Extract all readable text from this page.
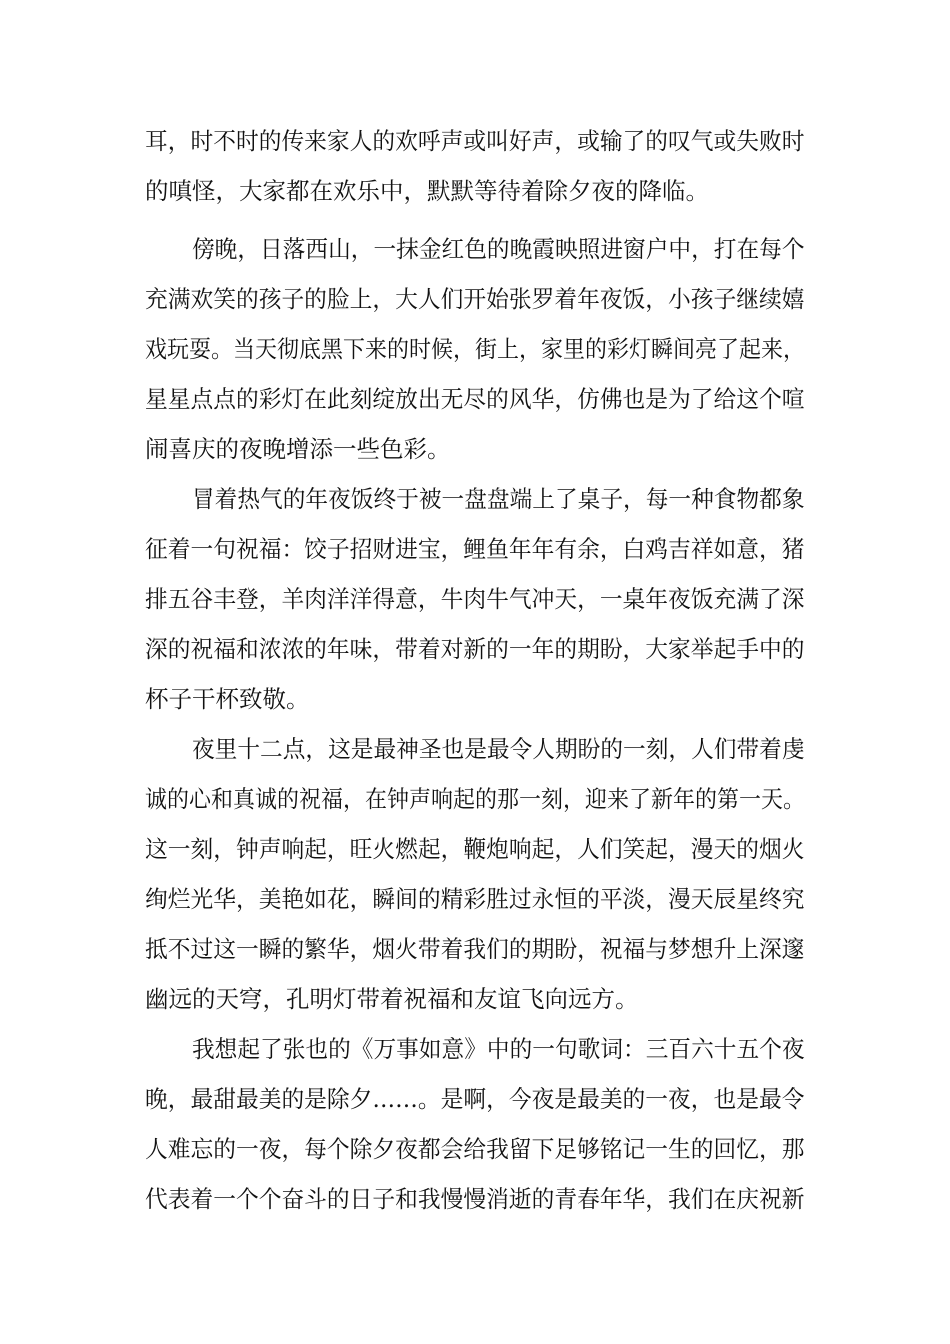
耳，时不时的传来家人的欢呼声或叫好声，或输了的叹气或失败时
的嗔怪，大家都在欢乐中，默默等待着除夕夜的降临。
傍晚，日落西山，一抹金红色的晚霞映照进窗户中，打在每个
充满欢笑的孩子的脸上，大人们开始张罗着年夜饭，小孩子继续嬉
戏玩耍。当天彻底黑下来的时候，街上，家里的彩灯瞬间亮了起来，
星星点点的彩灯在此刻绽放出无尽的风华，仿佛也是为了给这个喧
闹喜庆的夜晚增添一些色彩。
冒着热气的年夜饭终于被一盘盘端上了桌子，每一种食物都象
征着一句祝福：饺子招财进宝，鲤鱼年年有余，白鸡吉祥如意，猪
排五谷丰登，羊肉洋洋得意，牛肉牛气冲天，一桌年夜饭充满了深
深的祝福和浓浓的年味，带着对新的一年的期盼，大家举起手中的
杯子干杯致敬。
夜里十二点，这是最神圣也是最令人期盼的一刻，人们带着虔
诚的心和真诚的祝福，在钟声响起的那一刻，迎来了新年的第一天。
这一刻，钟声响起，旺火燃起，鞭炮响起，人们笑起，漫天的烟火
绚烂光华，美艳如花，瞬间的精彩胜过永恒的平淡，漫天辰星终究
抵不过这一瞬的繁华，烟火带着我们的期盼，祝福与梦想升上深邃
幽远的天穹，孔明灯带着祝福和友谊飞向远方。
我想起了张也的《万事如意》中的一句歌词：三百六十五个夜
晚，最甜最美的是除夕……。是啊，今夜是最美的一夜，也是最令
人难忘的一夜，每个除夕夜都会给我留下足够铭记一生的回忆，那
代表着一个个奋斗的日子和我慢慢消逝的青春年华，我们在庆祝新
